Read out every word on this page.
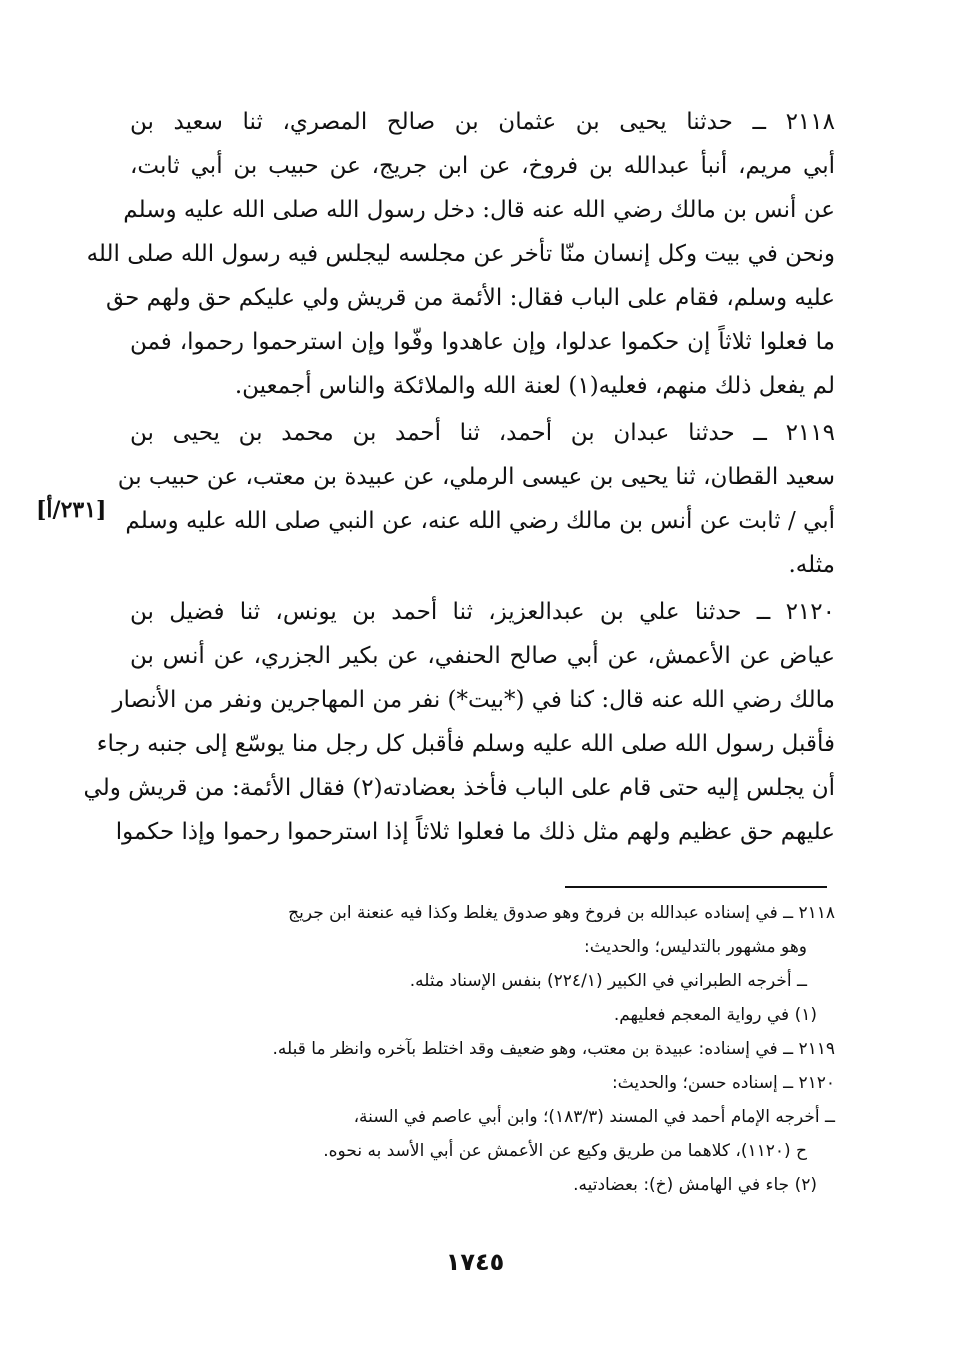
٢١١٨ ــ حدثنا يحيى بن عثمان بن صالح المصري، ثنا سعيد بن
أبي مريم، أنبأ عبدالله بن فروخ، عن ابن جريج، عن حبيب بن أبي ثابت،
عن أنس بن مالك رضي الله عنه قال: دخل رسول الله صلى الله عليه وسلم
ونحن في بيت وكل إنسان منّا تأخر عن مجلسه ليجلس فيه رسول الله صلى الله
عليه وسلم، فقام على الباب فقال: الأئمة من قريش ولي عليكم حق ولهم حق
ما فعلوا ثلاثاً إن حكموا عدلوا، وإن عاهدوا وفّوا وإن استرحموا رحموا، فمن
لم يفعل ذلك منهم، فعليه(١) لعنة الله والملائكة والناس أجمعين.
٢١١٩ ــ حدثنا عبدان بن أحمد، ثنا أحمد بن محمد بن يحيى بن
سعيد القطان، ثنا يحيى بن عيسى الرملي، عن عبيدة بن معتب، عن حبيب بن
أبي / ثابت عن أنس بن مالك رضي الله عنه، عن النبي صلى الله عليه وسلم
مثله.
[٢٣١/أ]
٢١٢٠ ــ حدثنا علي بن عبدالعزيز، ثنا أحمد بن يونس، ثنا فضيل بن
عياض عن الأعمش، عن أبي صالح الحنفي، عن بكير الجزري، عن أنس بن
مالك رضي الله عنه قال: كنا في (*بيت*) نفر من المهاجرين ونفر من الأنصار
فأقبل رسول الله صلى الله عليه وسلم فأقبل كل رجل منا يوسّع إلى جنبه رجاء
أن يجلس إليه حتى قام على الباب فأخذ بعضادته(٢) فقال الأئمة: من قريش ولي
عليهم حق عظيم ولهم مثل ذلك ما فعلوا ثلاثاً إذا استرحموا رحموا وإذا حكموا
٢١١٨ ــ في إسناده عبدالله بن فروخ وهو صدوق يغلط وكذا فيه عنعنة ابن جريج
وهو مشهور بالتدليس؛ والحديث:
ــ أخرجه الطبراني في الكبير (٢٢٤/١) بنفس الإسناد مثله.
(١) في رواية المعجم فعليهم.
٢١١٩ ــ في إسناده: عبيدة بن معتب، وهو ضعيف وقد اختلط بآخره وانظر ما قبله.
٢١٢٠ ــ إسناده حسن؛ والحديث:
ــ أخرجه الإمام أحمد في المسند (١٨٣/٣)؛ وابن أبي عاصم في السنة،
ح (١١٢٠)، كلاهما من طريق وكيع عن الأعمش عن أبي الأسد به نحوه.
(٢) جاء في الهامش (خ): بعضادتيه.
١٧٤٥
